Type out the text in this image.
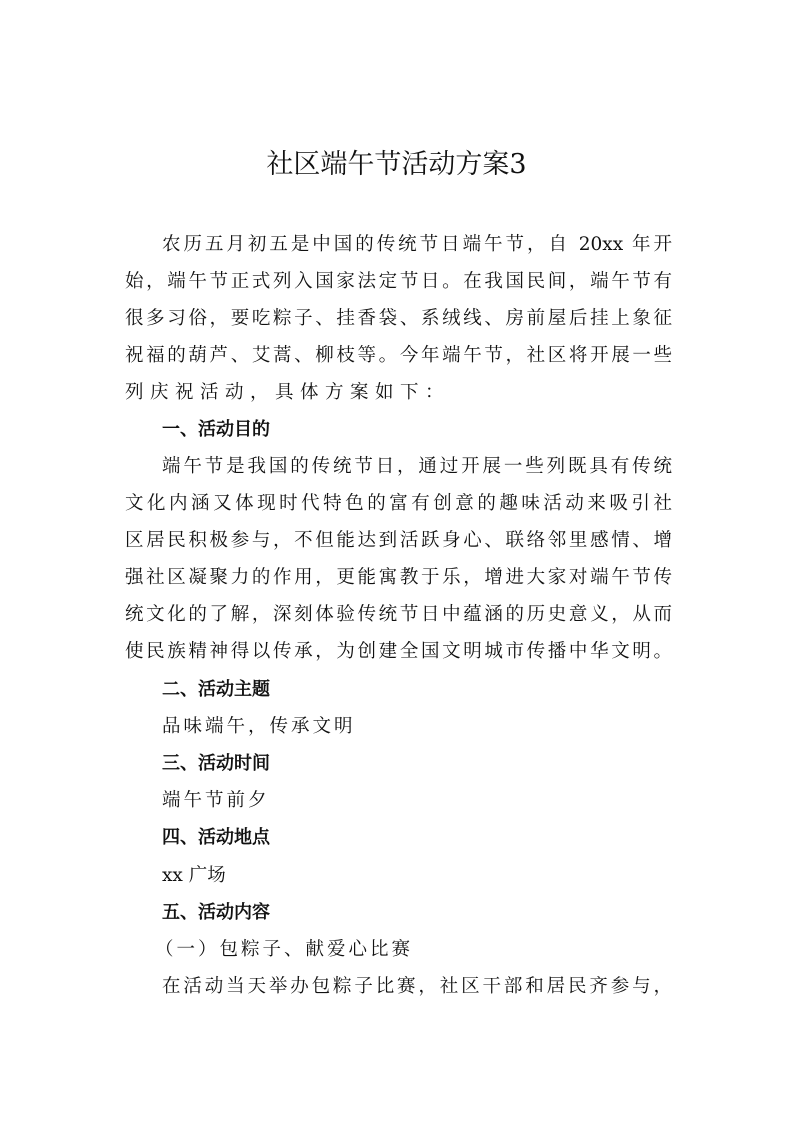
社区端午节活动方案3
农历五月初五是中国的传统节日端午节，自 20xx 年开
始，端午节正式列入国家法定节日。在我国民间，端午节有
很多习俗，要吃粽子、挂香袋、系绒线、房前屋后挂上象征
祝福的葫芦、艾蒿、柳枝等。今年端午节，社区将开展一些
列庆祝活动，具体方案如下：
一、活动目的
端午节是我国的传统节日，通过开展一些列既具有传统
文化内涵又体现时代特色的富有创意的趣味活动来吸引社
区居民积极参与，不但能达到活跃身心、联络邻里感情、增
强社区凝聚力的作用，更能寓教于乐，增进大家对端午节传
统文化的了解，深刻体验传统节日中蕴涵的历史意义，从而
使民族精神得以传承，为创建全国文明城市传播中华文明。
二、活动主题
品味端午，传承文明
三、活动时间
端午节前夕
四、活动地点
xx 广场
五、活动内容
（一）包粽子、献爱心比赛
在活动当天举办包粽子比赛，社区干部和居民齐参与，
